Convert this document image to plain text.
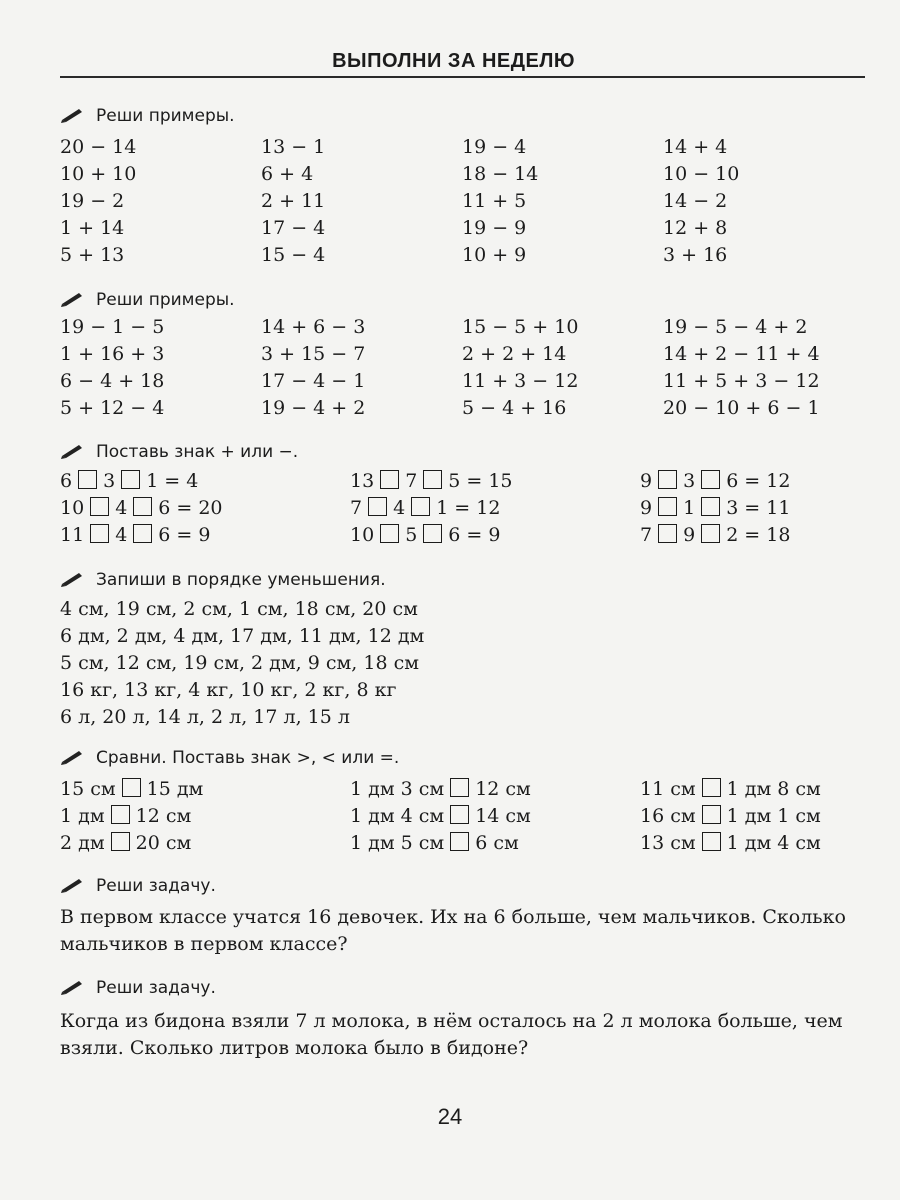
ВЫПОЛНИ ЗА НЕДЕЛЮ
Реши примеры.
20 − 14	13 − 1	19 − 4	14 + 4
10 + 10	6 + 4	18 − 14	10 − 10
19 − 2	2 + 11	11 + 5	14 − 2
1 + 14	17 − 4	19 − 9	12 + 8
5 + 13	15 − 4	10 + 9	3 + 16
Реши примеры.
19 − 1 − 5	14 + 6 − 3	15 − 5 + 10	19 − 5 − 4 + 2
1 + 16 + 3	3 + 15 − 7	2 + 2 + 14	14 + 2 − 11 + 4
6 − 4 + 18	17 − 4 − 1	11 + 3 − 12	11 + 5 + 3 − 12
5 + 12 − 4	19 − 4 + 2	5 − 4 + 16	20 − 10 + 6 − 1
Поставь знак + или −.
6 3 1 = 4	13 7 5 = 15	9 3 6 = 12
10 4 6 = 20	7 4 1 = 12	9 1 3 = 11
11 4 6 = 9	10 5 6 = 9	7 9 2 = 18
Запиши в порядке уменьшения.
4 см, 19 см, 2 см, 1 см, 18 см, 20 см
6 дм, 2 дм, 4 дм, 17 дм, 11 дм, 12 дм
5 см, 12 см, 19 см, 2 дм, 9 см, 18 см
16 кг, 13 кг, 4 кг, 10 кг, 2 кг, 8 кг
6 л, 20 л, 14 л, 2 л, 17 л, 15 л
Сравни. Поставь знак >, < или =.
15 см 15 дм	1 дм 3 см 12 см	11 см 1 дм 8 см
1 дм 12 см	1 дм 4 см 14 см	16 см 1 дм 1 см
2 дм 20 см	1 дм 5 см 6 см	13 см 1 дм 4 см
Реши задачу.
В первом классе учатся 16 девочек. Их на 6 больше, чем мальчиков. Сколько мальчиков в первом классе?
Реши задачу.
Когда из бидона взяли 7 л молока, в нём осталось на 2 л молока больше, чем взяли. Сколько литров молока было в бидоне?
24
